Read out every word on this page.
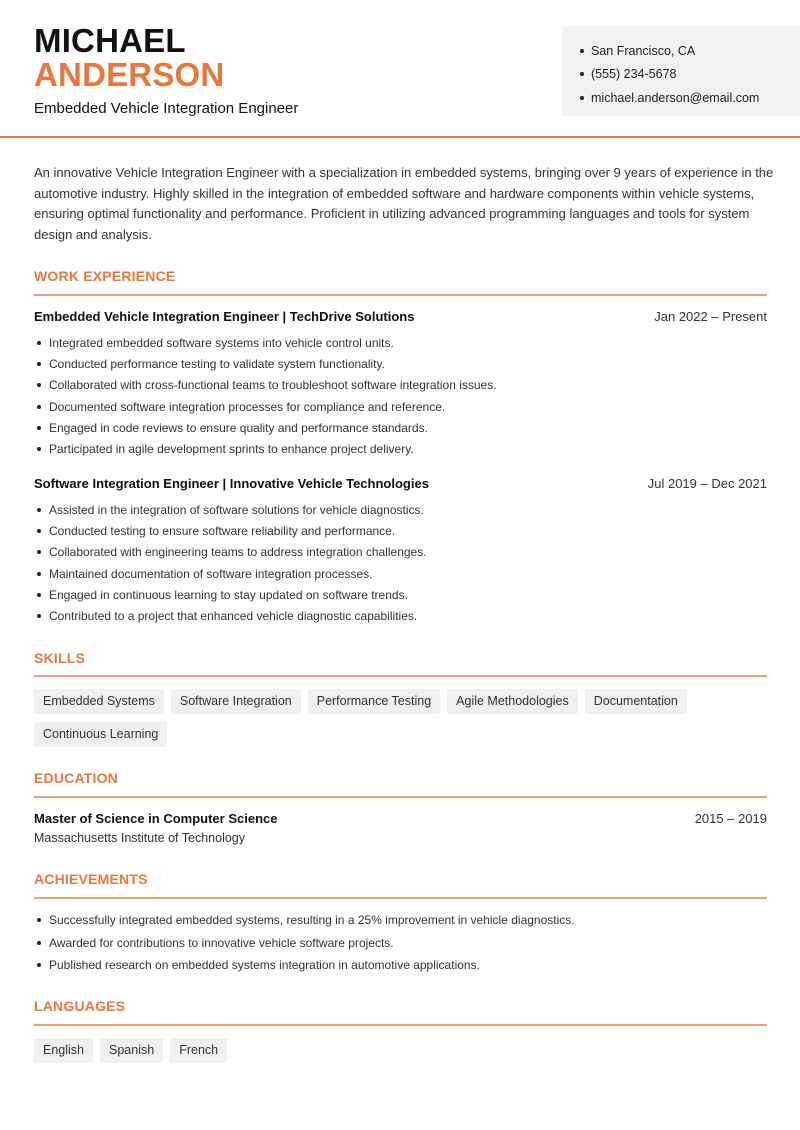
MICHAEL
ANDERSON
Embedded Vehicle Integration Engineer
San Francisco, CA
(555) 234-5678
michael.anderson@email.com
An innovative Vehicle Integration Engineer with a specialization in embedded systems, bringing over 9 years of experience in the automotive industry. Highly skilled in the integration of embedded software and hardware components within vehicle systems, ensuring optimal functionality and performance. Proficient in utilizing advanced programming languages and tools for system design and analysis.
WORK EXPERIENCE
Embedded Vehicle Integration Engineer | TechDrive Solutions	Jan 2022 – Present
Integrated embedded software systems into vehicle control units.
Conducted performance testing to validate system functionality.
Collaborated with cross-functional teams to troubleshoot software integration issues.
Documented software integration processes for compliance and reference.
Engaged in code reviews to ensure quality and performance standards.
Participated in agile development sprints to enhance project delivery.
Software Integration Engineer | Innovative Vehicle Technologies	Jul 2019 – Dec 2021
Assisted in the integration of software solutions for vehicle diagnostics.
Conducted testing to ensure software reliability and performance.
Collaborated with engineering teams to address integration challenges.
Maintained documentation of software integration processes.
Engaged in continuous learning to stay updated on software trends.
Contributed to a project that enhanced vehicle diagnostic capabilities.
SKILLS
Embedded Systems	Software Integration	Performance Testing	Agile Methodologies	Documentation
Continuous Learning
EDUCATION
Master of Science in Computer Science	2015 – 2019
Massachusetts Institute of Technology
ACHIEVEMENTS
Successfully integrated embedded systems, resulting in a 25% improvement in vehicle diagnostics.
Awarded for contributions to innovative vehicle software projects.
Published research on embedded systems integration in automotive applications.
LANGUAGES
English	Spanish	French
